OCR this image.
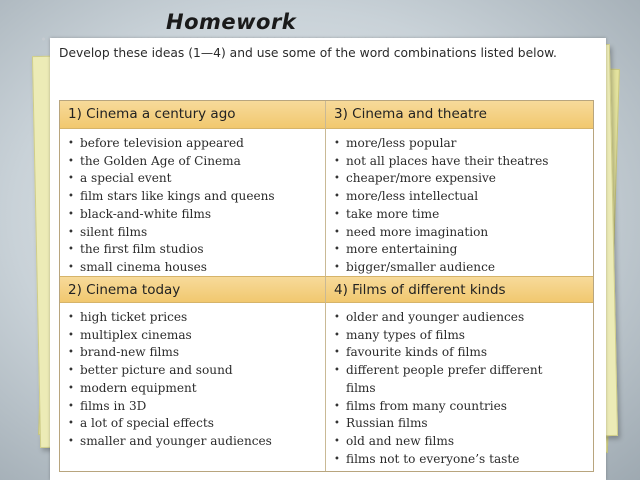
Homework
Develop these ideas (1—4) and use some of the word combinations listed below.
1) Cinema a century ago	3) Cinema and theatre
• before television appeared
• the Golden Age of Cinema
• a special event
• film stars like kings and queens
• black-and-white films
• silent films
• the first film studios
• small cinema houses
• more/less popular
• not all places have their theatres
• cheaper/more expensive
• more/less intellectual
• take more time
• need more imagination
• more entertaining
• bigger/smaller audience
2) Cinema today	4) Films of different kinds
• high ticket prices
• multiplex cinemas
• brand-new films
• better picture and sound
• modern equipment
• films in 3D
• a lot of special effects
• smaller and younger audiences
• older and younger audiences
• many types of films
• favourite kinds of films
• different people prefer different films
• films from many countries
• Russian films
• old and new films
• films not to everyone’s taste
